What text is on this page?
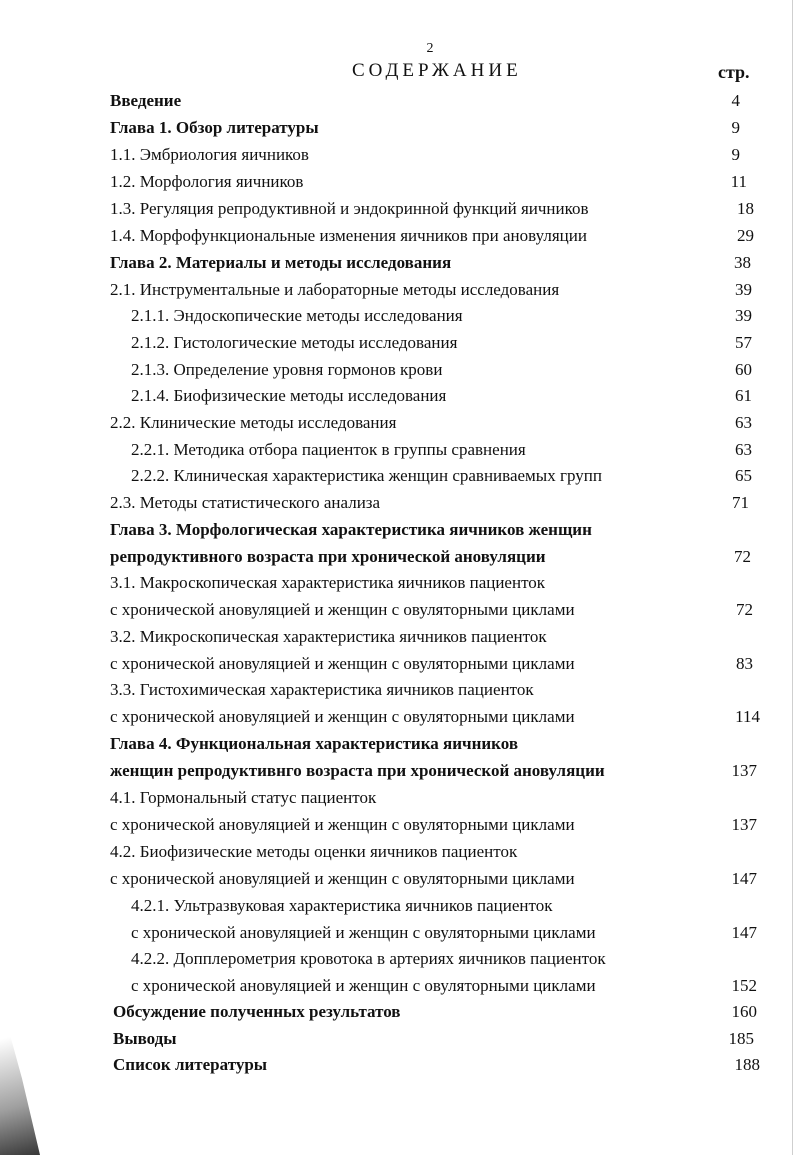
2
СОДЕРЖАНИЕ	стр.
Введение	4
Глава 1. Обзор литературы	9
1.1. Эмбриология яичников	9
1.2. Морфология яичников	11
1.3. Регуляция репродуктивной и эндокринной функций яичников	18
1.4. Морфофункциональные изменения яичников при ановуляции	29
Глава 2. Материалы и методы исследования	38
2.1. Инструментальные и лабораторные методы исследования	39
2.1.1. Эндоскопические методы исследования	39
2.1.2. Гистологические методы исследования	57
2.1.3. Определение уровня гормонов крови	60
2.1.4. Биофизические методы исследования	61
2.2. Клинические методы исследования	63
2.2.1. Методика отбора пациенток в группы сравнения	63
2.2.2. Клиническая характеристика женщин сравниваемых групп	65
2.3. Методы статистического анализа	71
Глава 3. Морфологическая характеристика яичников женщин
репродуктивного возраста при хронической ановуляции	72
3.1. Макроскопическая характеристика яичников пациенток
с хронической ановуляцией и женщин с овуляторными циклами	72
3.2. Микроскопическая характеристика яичников пациенток
с хронической ановуляцией и женщин с овуляторными циклами	83
3.3. Гистохимическая характеристика яичников пациенток
с хронической ановуляцией и женщин с овуляторными циклами	114
Глава 4. Функциональная характеристика яичников
женщин репродуктивнго возраста при хронической ановуляции	137
4.1. Гормональный статус пациенток
с хронической ановуляцией и женщин с овуляторными циклами	137
4.2. Биофизические методы оценки яичников пациенток
с хронической ановуляцией и женщин с овуляторными циклами	147
4.2.1. Ультразвуковая характеристика яичников пациенток
с хронической ановуляцией и женщин с овуляторными циклами	147
4.2.2. Допплерометрия кровотока в артериях яичников пациенток
с хронической ановуляцией и женщин с овуляторными циклами	152
Обсуждение полученных результатов	160
Выводы	185
Список литературы	188
